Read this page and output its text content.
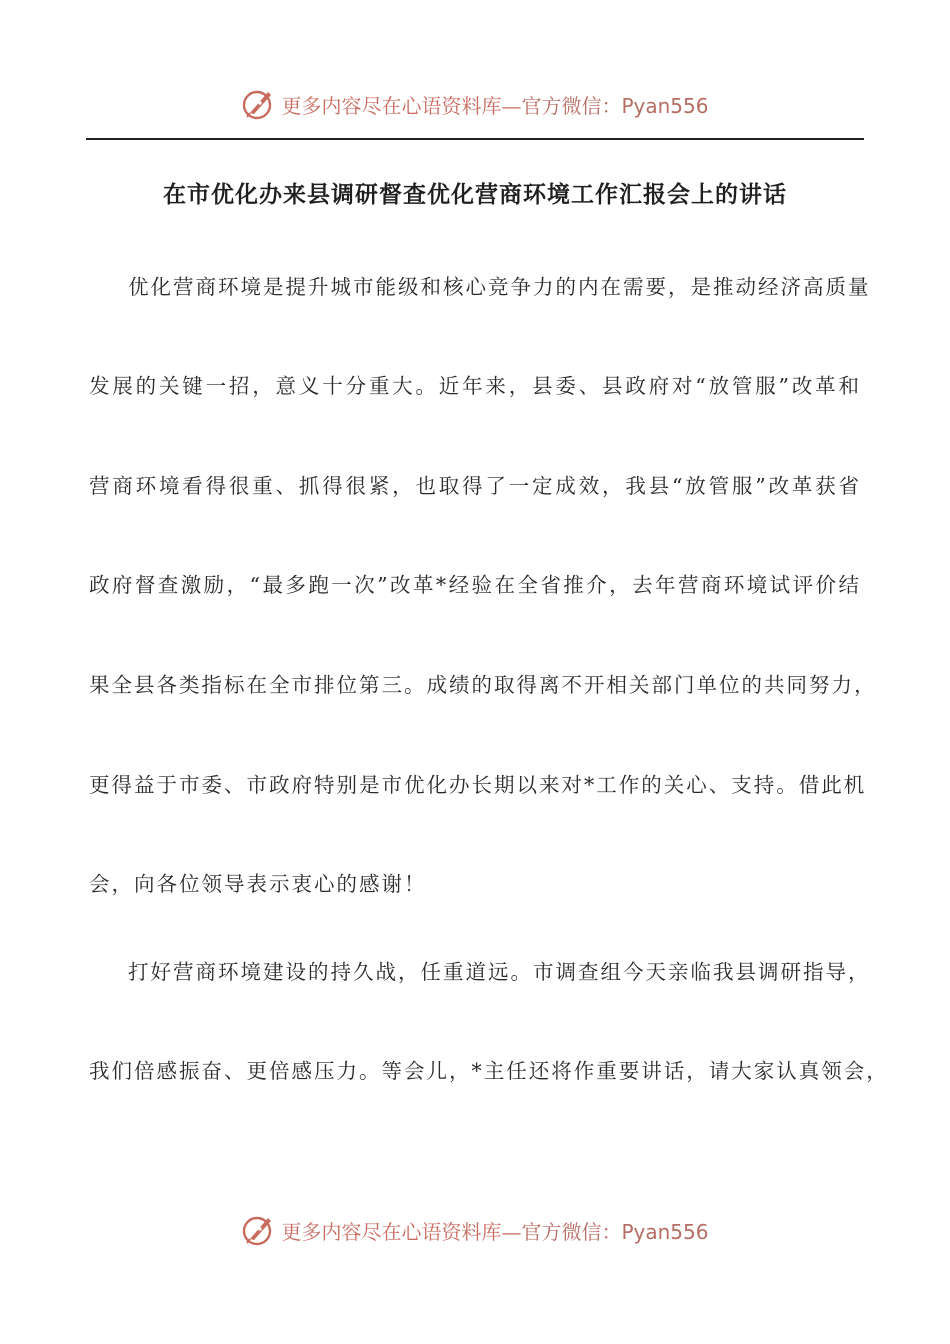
更多内容尽在心语资料库—官方微信：Pyan556
在市优化办来县调研督查优化营商环境工作汇报会上的讲话

优化营商环境是提升城市能级和核心竞争力的内在需要，是推动经济高质量

发展的关键一招，意义十分重大。近年来，县委、县政府对“放管服”改革和

营商环境看得很重、抓得很紧，也取得了一定成效，我县“放管服”改革获省

政府督查激励，“最多跑一次”改革*经验在全省推介，去年营商环境试评价结

果全县各类指标在全市排位第三。成绩的取得离不开相关部门单位的共同努力，

更得益于市委、市政府特别是市优化办长期以来对*工作的关心、支持。借此机

会，向各位领导表示衷心的感谢！

打好营商环境建设的持久战，任重道远。市调查组今天亲临我县调研指导，

我们倍感振奋、更倍感压力。等会儿，*主任还将作重要讲话，请大家认真领会，

更多内容尽在心语资料库—官方微信：Pyan556
